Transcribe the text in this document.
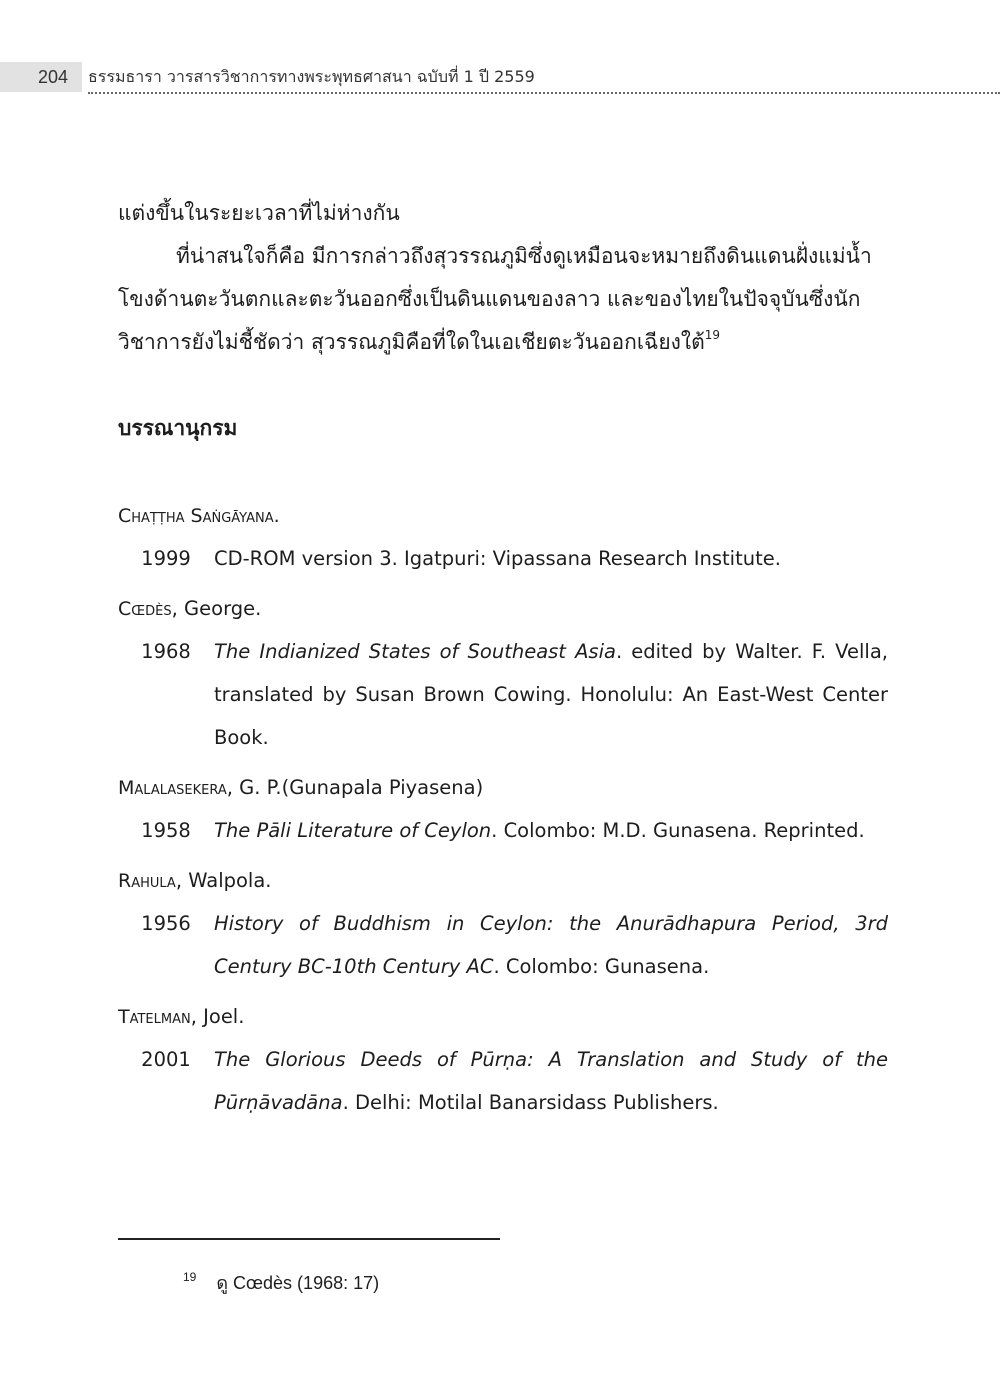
204	ธรรมธารา วารสารวิชาการทางพระพุทธศาสนา ฉบับที่ 1 ปี 2559

แต่งขึ้นในระยะเวลาที่ไม่ห่างกัน

ที่น่าสนใจก็คือ มีการกล่าวถึงสุวรรณภูมิซึ่งดูเหมือนจะหมายถึงดินแดนฝั่งแม่น้ำโขงด้านตะวันตกและตะวันออกซึ่งเป็นดินแดนของลาว และของไทยในปัจจุบันซึ่งนักวิชาการยังไม่ชี้ชัดว่า สุวรรณภูมิคือที่ใดในเอเชียตะวันออกเฉียงใต้$^{19}$

บรรณานุกรม
Chaṭṭha Saṅgāyana.
1999	CD-ROM version 3. Igatpuri: Vipassana Research Institute.
Cœdès, George.
1968	The Indianized States of Southeast Asia. edited by Walter. F. Vella, translated by Susan Brown Cowing. Honolulu: An East-West Center Book.
Malalasekera, G. P.(Gunapala Piyasena)
1958	The Pāli Literature of Ceylon. Colombo: M.D. Gunasena. Reprinted.
Rahula, Walpola.
1956	History of Buddhism in Ceylon: the Anurādhapura Period, 3rd Century BC-10th Century AC. Colombo: Gunasena.
Tatelman, Joel.
2001	The Glorious Deeds of Pūrṇa: A Translation and Study of the Pūrṇāvadāna. Delhi: Motilal Banarsidass Publishers.
$^{19}$ ดู Cœdès (1968: 17)
